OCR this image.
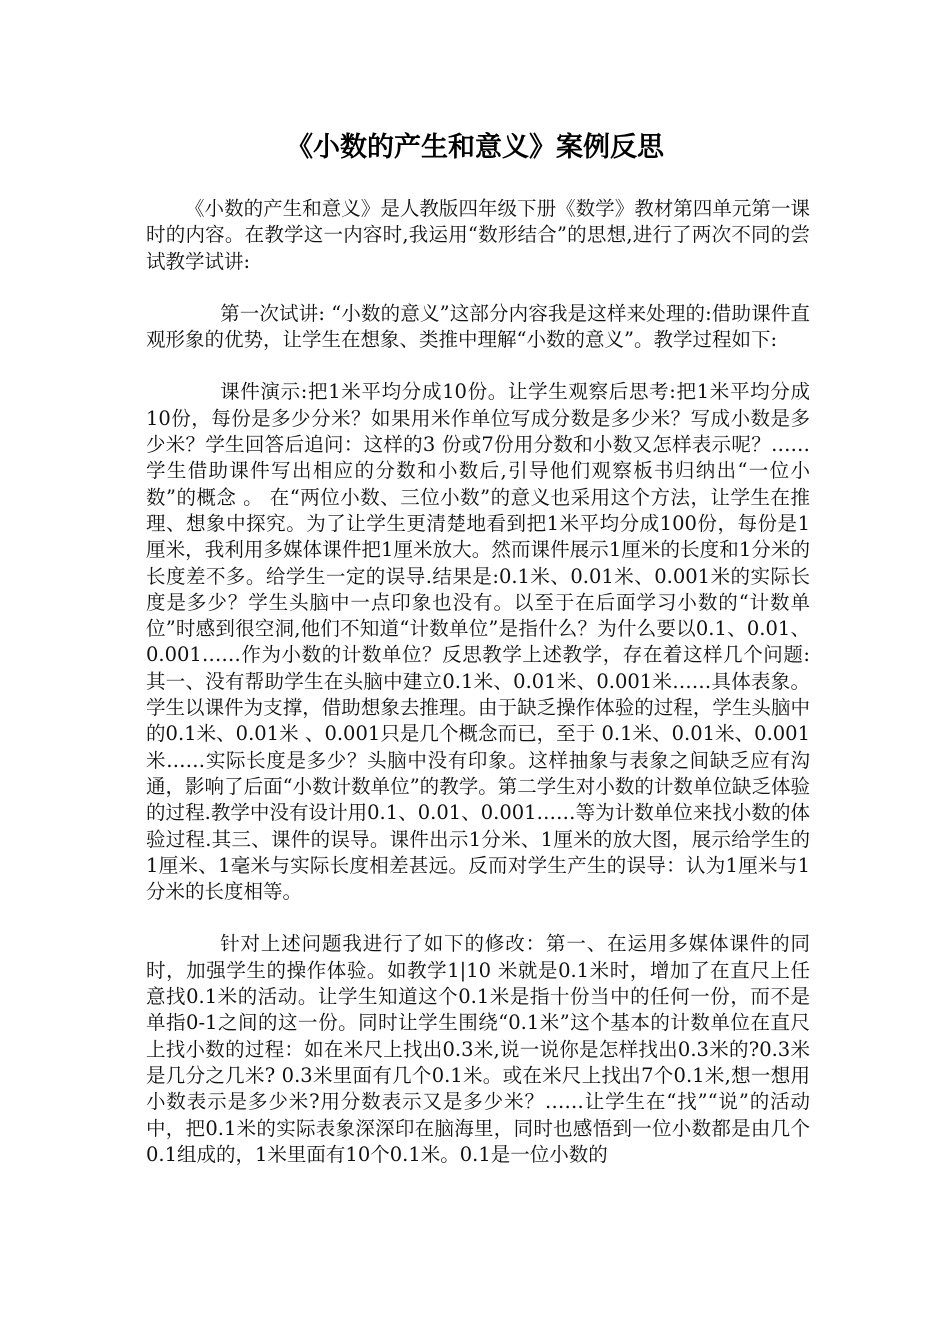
《小数的产生和意义》案例反思

《小数的产生和意义》是人教版四年级下册《数学》教材第四单元第一课时的内容。在教学这一内容时,我运用“数形结合”的思想,进行了两次不同的尝试教学试讲:

第一次试讲: “小数的意义”这部分内容我是这样来处理的:借助课件直观形象的优势，让学生在想象、类推中理解“小数的意义”。教学过程如下:

课件演示:把1米平均分成10份。让学生观察后思考:把1米平均分成10份，每份是多少分米？如果用米作单位写成分数是多少米？写成小数是多少米？学生回答后追问：这样的3 份或7份用分数和小数又怎样表示呢？……学生借助课件写出相应的分数和小数后,引导他们观察板书归纳出“一位小数”的概念 。 在“两位小数、三位小数”的意义也采用这个方法，让学生在推理、想象中探究。为了让学生更清楚地看到把1米平均分成100份，每份是1厘米，我利用多媒体课件把1厘米放大。然而课件展示1厘米的长度和1分米的长度差不多。给学生一定的误导.结果是:0.1米、0.01米、0.001米的实际长度是多少？学生头脑中一点印象也没有。以至于在后面学习小数的“计数单位”时感到很空洞,他们不知道“计数单位”是指什么？为什么要以0.1、0.01、0.001……作为小数的计数单位？反思教学上述教学，存在着这样几个问题:其一、没有帮助学生在头脑中建立0.1米、0.01米、0.001米……具体表象。学生以课件为支撑，借助想象去推理。由于缺乏操作体验的过程，学生头脑中的0.1米、0.01米 、0.001只是几个概念而已，至于 0.1米、0.01米、0.001米……实际长度是多少？头脑中没有印象。这样抽象与表象之间缺乏应有沟通，影响了后面“小数计数单位”的教学。第二学生对小数的计数单位缺乏体验的过程.教学中没有设计用0.1、0.01、0.001……等为计数单位来找小数的体验过程.其三、课件的误导。课件出示1分米、1厘米的放大图，展示给学生的1厘米、1毫米与实际长度相差甚远。反而对学生产生的误导：认为1厘米与1分米的长度相等。

针对上述问题我进行了如下的修改：第一、在运用多媒体课件的同时，加强学生的操作体验。如教学1|10 米就是0.1米时，增加了在直尺上任意找0.1米的活动。让学生知道这个0.1米是指十份当中的任何一份，而不是单指0-1之间的这一份。同时让学生围绕“0.1米”这个基本的计数单位在直尺上找小数的过程：如在米尺上找出0.3米,说一说你是怎样找出0.3米的?0.3米是几分之几米? 0.3米里面有几个0.1米。或在米尺上找出7个0.1米,想一想用小数表示是多少米?用分数表示又是多少米？……让学生在“找”“说”的活动中，把0.1米的实际表象深深印在脑海里，同时也感悟到一位小数都是由几个0.1组成的，1米里面有10个0.1米。0.1是一位小数的
